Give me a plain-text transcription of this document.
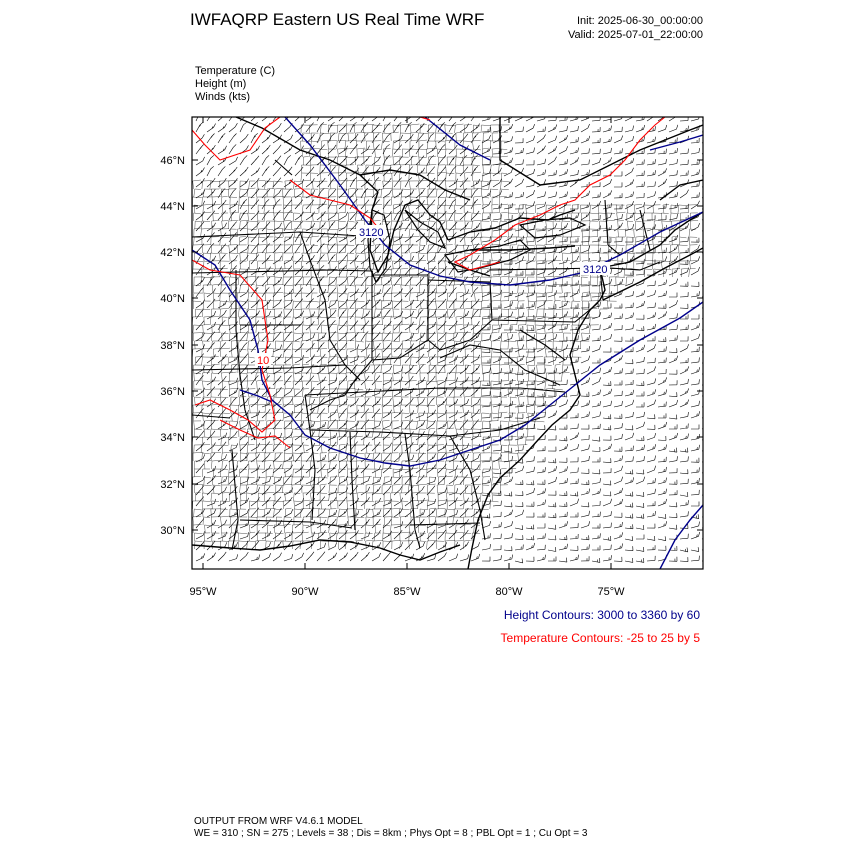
IWFAQRP Eastern US Real Time WRF	Init: 2025-06-30_00:00:00
Valid: 2025-07-01_22:00:00
Temperature (C)
Height (m)
Winds (kts)
3120
3120
10
46°N
44°N
42°N
40°N
38°N
36°N
34°N
32°N
30°N
95°W	90°W	85°W	80°W	75°W
Height Contours: 3000 to 3360 by 60
Temperature Contours: -25 to 25 by 5
OUTPUT FROM WRF V4.6.1 MODEL
WE = 310 ; SN = 275 ; Levels = 38 ; Dis = 8km ; Phys Opt = 8 ; PBL Opt = 1 ; Cu Opt = 3
